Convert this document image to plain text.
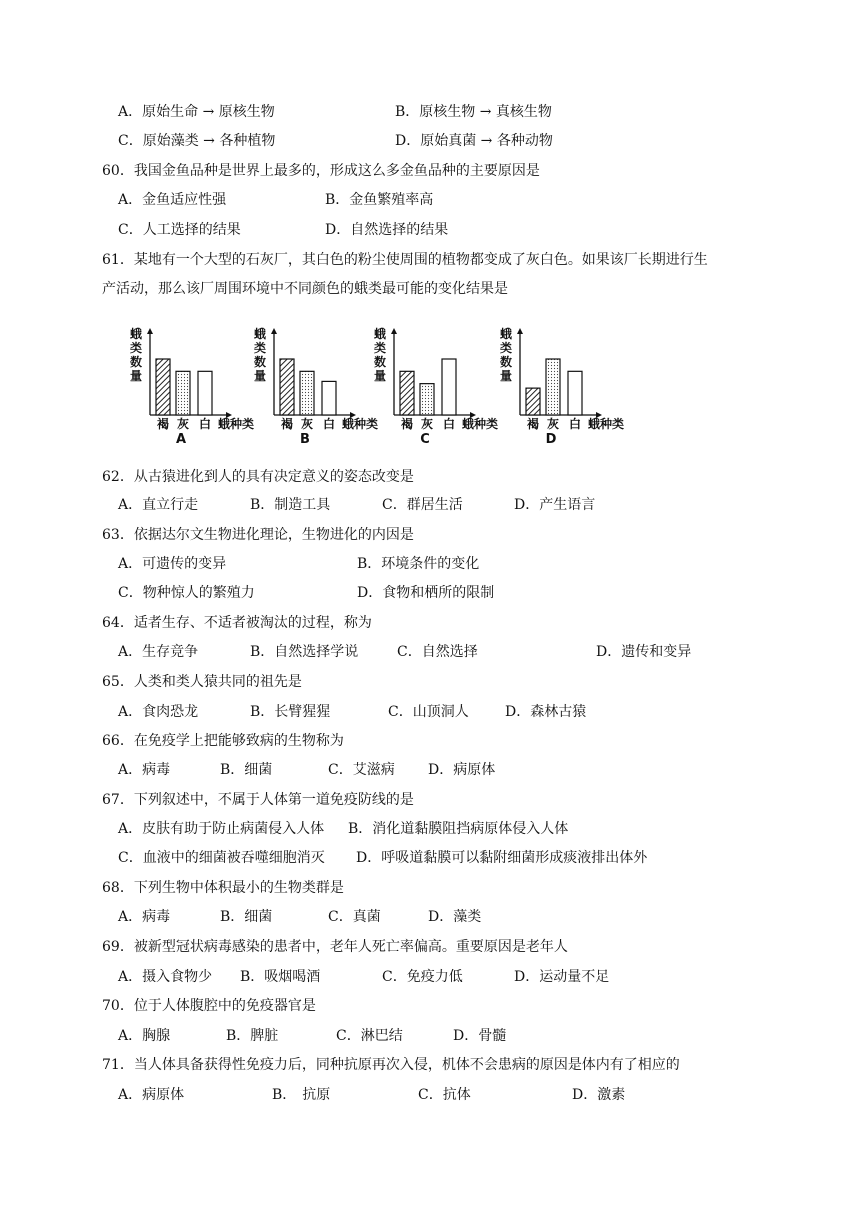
A．原始生命 → 原核生物	B．原核生物 → 真核生物
C．原始藻类 → 各种植物	D．原始真菌 → 各种动物
60．我国金鱼品种是世界上最多的，形成这么多金鱼品种的主要原因是
A．金鱼适应性强	B．金鱼繁殖率高
C．人工选择的结果	D．自然选择的结果
61．某地有一个大型的石灰厂，其白色的粉尘使周围的植物都变成了灰白色。如果该厂长期进行生
产活动，那么该厂周围环境中不同颜色的蛾类最可能的变化结果是
蛾
类
数
量
褐 灰 白 蛾种类
A
蛾
类
数
量
褐 灰 白 蛾种类
B
蛾
类
数
量
褐 灰 白 蛾种类
C
蛾
类
数
量
褐 灰 白 蛾种类
D
62．从古猿进化到人的具有决定意义的姿态改变是
A．直立行走	B．制造工具	C．群居生活	D．产生语言
63．依据达尔文生物进化理论，生物进化的内因是
A．可遗传的变异	B．环境条件的变化
C．物种惊人的繁殖力	D．食物和栖所的限制
64．适者生存、不适者被淘汰的过程，称为
A．生存竞争	B．自然选择学说	C．自然选择	D．遗传和变异
65．人类和类人猿共同的祖先是
A．食肉恐龙	B．长臂猩猩	C．山顶洞人	D．森林古猿
66．在免疫学上把能够致病的生物称为
A．病毒	B．细菌	C．艾滋病 D．病原体
67．下列叙述中，不属于人体第一道免疫防线的是
A．皮肤有助于防止病菌侵入人体 B．消化道黏膜阻挡病原体侵入人体
C．血液中的细菌被吞噬细胞消灭 D．呼吸道黏膜可以黏附细菌形成痰液排出体外
68．下列生物中体积最小的生物类群是
A．病毒	B．细菌	C．真菌	D．藻类
69．被新型冠状病毒感染的患者中，老年人死亡率偏高。重要原因是老年人
A．摄入食物少 B．吸烟喝酒	C．免疫力低	D．运动量不足
70．位于人体腹腔中的免疫器官是
A．胸腺	B．脾脏	C．淋巴结	D．骨髓
71．当人体具备获得性免疫力后，同种抗原再次入侵，机体不会患病的原因是体内有了相应的
A．病原体	B． 抗原	C．抗体	D．激素
